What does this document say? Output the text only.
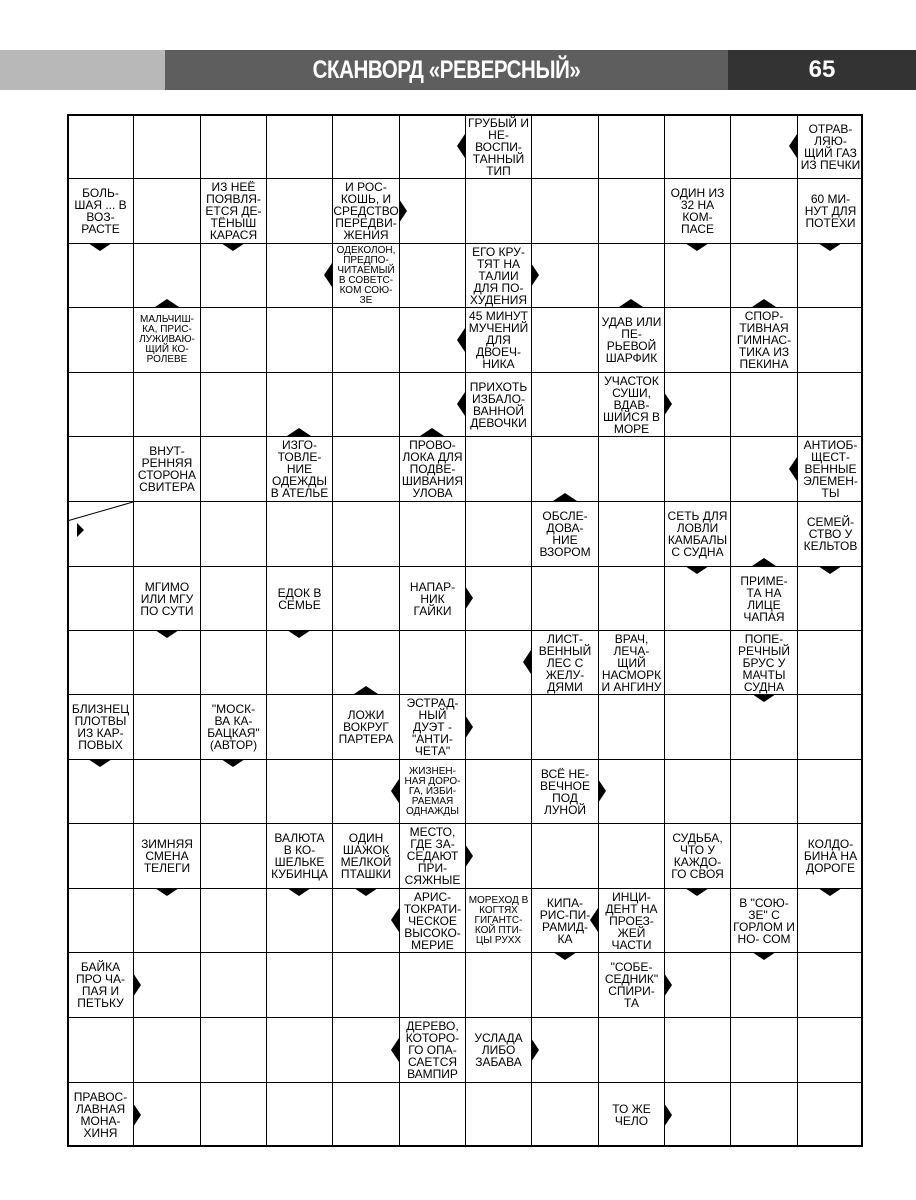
СКАНВОРД «РЕВЕРСНЫЙ»	65
ГРУБЫЙ И НЕ- ВОСПИ- ТАННЫЙ ТИП
ОТРАВ- ЛЯЮ- ЩИЙ ГАЗ ИЗ ПЕЧКИ
БОЛЬ- ШАЯ ... В ВОЗ- РАСТЕ
ИЗ НЕЁ ПОЯВЛЯ- ЕТСЯ ДЕ- ТЁНЫШ КАРАСЯ
И РОС- КОШЬ, И СРЕДСТВО ПЕРЕДВИ- ЖЕНИЯ
ОДИН ИЗ 32 НА КОМ- ПАСЕ
60 МИ- НУТ ДЛЯ ПОТЕХИ
ОДЕКОЛОН, ПРЕДПО- ЧИТАЕМЫЙ В СОВЕТС- КОМ СОЮ- ЗЕ
ЕГО КРУ- ТЯТ НА ТАЛИИ ДЛЯ ПО- ХУДЕНИЯ
МАЛЬЧИШ- КА, ПРИС- ЛУЖИВАЮ- ЩИЙ КО- РОЛЕВЕ
45 МИНУТ МУЧЕНИЙ ДЛЯ ДВОЕЧ- НИКА
УДАВ ИЛИ ПЕ- РЬЕВОЙ ШАРФИК
СПОР- ТИВНАЯ ГИМНАС- ТИКА ИЗ ПЕКИНА
ПРИХОТЬ ИЗБАЛО- ВАННОЙ ДЕВОЧКИ
УЧАСТОК СУШИ, ВДАВ- ШИЙСЯ В МОРЕ
ВНУТ- РЕННЯЯ СТОРОНА СВИТЕРА
ИЗГО- ТОВЛЕ- НИЕ ОДЕЖДЫ В АТЕЛЬЕ
ПРОВО- ЛОКА ДЛЯ ПОДВЕ- ШИВАНИЯ УЛОВА
АНТИОБ- ЩЕСТ- ВЕННЫЕ ЭЛЕМЕН- ТЫ
ОБСЛЕ- ДОВА- НИЕ ВЗОРОМ
СЕТЬ ДЛЯ ЛОВЛИ КАМБАЛЫ С СУДНА
СЕМЕЙ- СТВО У КЕЛЬТОВ
МГИМО ИЛИ МГУ ПО СУТИ
ЕДОК В СЕМЬЕ
НАПАР- НИК ГАЙКИ
ПРИМЕ- ТА НА ЛИЦЕ ЧАПАЯ
ЛИСТ- ВЕННЫЙ ЛЕС С ЖЕЛУ- ДЯМИ
ВРАЧ, ЛЕЧА- ЩИЙ НАСМОРК И АНГИНУ
ПОПЕ- РЕЧНЫЙ БРУС У МАЧТЫ СУДНА
БЛИЗНЕЦ ПЛОТВЫ ИЗ КАР- ПОВЫХ
"МОСК- ВА КА- БАЦКАЯ" (АВТОР)
ЛОЖИ ВОКРУГ ПАРТЕРА
ЭСТРАД- НЫЙ ДУЭТ - "АНТИ- ЧЕТА"
ЖИЗНЕН- НАЯ ДОРО- ГА, ИЗБИ- РАЕМАЯ ОДНАЖДЫ
ВСЁ НЕ- ВЕЧНОЕ ПОД ЛУНОЙ
ЗИМНЯЯ СМЕНА ТЕЛЕГИ
ВАЛЮТА В КО- ШЕЛЬКЕ КУБИНЦА
ОДИН ШАЖОК МЕЛКОЙ ПТАШКИ
МЕСТО, ГДЕ ЗА- СЕДАЮТ ПРИ- СЯЖНЫЕ
СУДЬБА, ЧТО У КАЖДО- ГО СВОЯ
КОЛДО- БИНА НА ДОРОГЕ
АРИС- ТОКРАТИ- ЧЕСКОЕ ВЫСОКО- МЕРИЕ
МОРЕХОД В КОГТЯХ ГИГАНТС- КОЙ ПТИ- ЦЫ РУХХ
КИПА- РИС-ПИ- РАМИД- КА
ИНЦИ- ДЕНТ НА ПРОЕЗ- ЖЕЙ ЧАСТИ
В "СОЮ- ЗЕ" С ГОРЛОМ И НО- СОМ
БАЙКА ПРО ЧА- ПАЯ И ПЕТЬКУ
"СОБЕ- СЕДНИК" СПИРИ- ТА
ДЕРЕВО, КОТОРО- ГО ОПА- САЕТСЯ ВАМПИР
УСЛАДА ЛИБО ЗАБАВА
ПРАВОС- ЛАВНАЯ МОНА- ХИНЯ
ТО ЖЕ ЧЕЛО
